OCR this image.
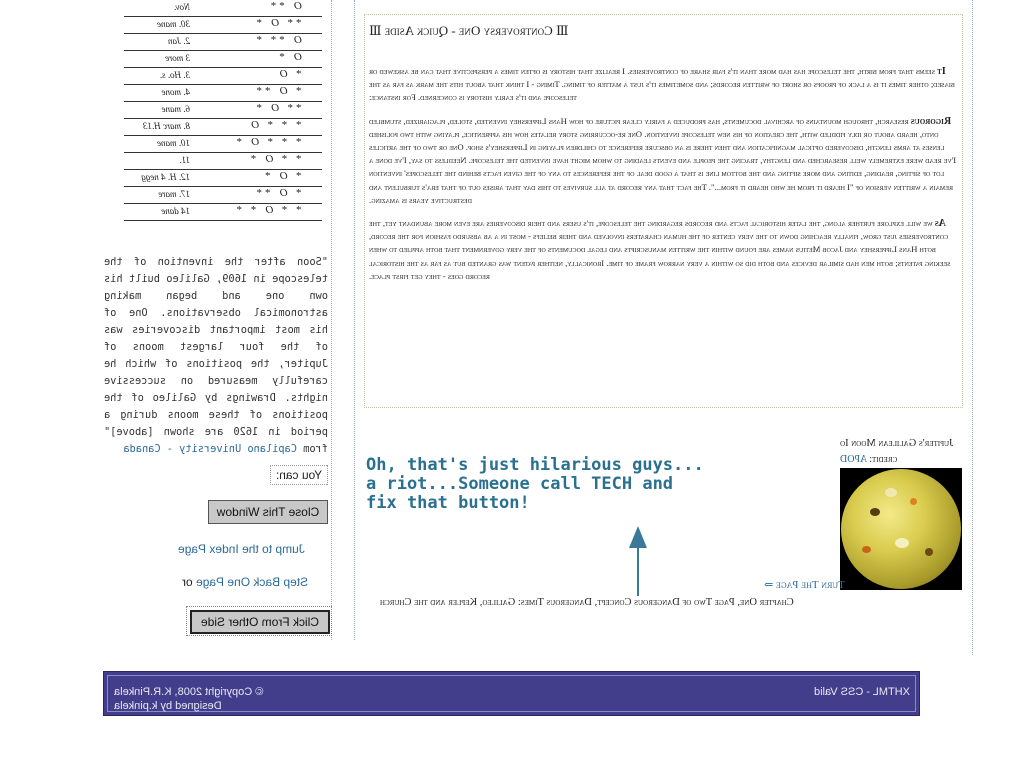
O **
Nov.
** O *
30. mane
O ** *
2. Jan
O *
3 more
* O
3. Ho. s.
* O **
4. mone
** O *
6. mane
* * * O
8. marc H.13
* * * O *
10. mane
* * O *
11.
* O *
12. H. 4 negg
* O **
17. mare
* * O * *
14 dane
"Soon after the invention of the telescope in 1609, Galileo built his own one and began making astronomical observations. One of his most important discoveries was of the four largest moons of Jupiter, the positions of which he carefully measured on successive nights. Drawings by Galileo of the positions of these moons during a period in 1620 are shown [above]" from Capilano University - Canada
You can:
Close This Window
Jump to the Index Page
Step Back One Page or
Click From Other Side
Ⅲ Controversy One - Quick Aside Ⅲ

It seems that from birth, the telescope has had more than it's fair share of controversies. I realize that history is often times a perspective that can be askewed or biased; other times it is a lack of proofs or short of written records; and sometimes it's just a matter of timing. Timing - I think that about hits the mark as far as the telescope and it's early history is concerned. For instance:

Rigorous research, through mountains of archival documents, has produced a fairly clear picture of how Hans Lippershey invented, stoled, plagiarized, stumbled onto, heard about or idly fiddled with, the creation of his new telescope invention. One re-occurring story relates how his apprentice, playing with two polished lenses at arms length, discovered optical magnification and then there is an obscure reference to children playing in Lippershey's shop. One or two of the articles I've read were extremely well researched and lengthy, tracing the people and events leading to whom might have invented the telescope. Needless to say, I've done a lot of sifting, reading, editing and more sifting and the bottom line is that a good deal of the references to any of the given facts behind the telescopes' invention remain a written version of "I heard it from he who heard it from...". The fact that any record at all survives to this day that arises out of that era's turbulent and destructive years is amazing.

As we will explore further along, the later historical facts and records regarding the telescope, it's users and their discoveries are even more abundant yet, the controversies just grow, finally reaching down to the very center of the human charaters involved and their beliefs - most in a ab absurdo fashion for the record, both Hans Lippershey and Jacob Metius names are found within the written manuscripts and legal documents of the very government that both applied to when seeking patents; both men had similar devices and both did so within a very narrow frame of time. Ironically, neither patent was granted but as far as the historical record goes - they get first place.

Oh, that's just hilarious guys...
a riot...Someone call TECH and
fix that button!
Jupiter's Galilean Moon Io
credit: APOD
Turn The Page ⇒
Chapter One, Page Two of Dangerous Concept, Dangerous Times: Galileo, Kepler and the Church
XHTML - CSS Valid
© Copyright 2008, K.R.Pinkela
Designed by k.pinkela
